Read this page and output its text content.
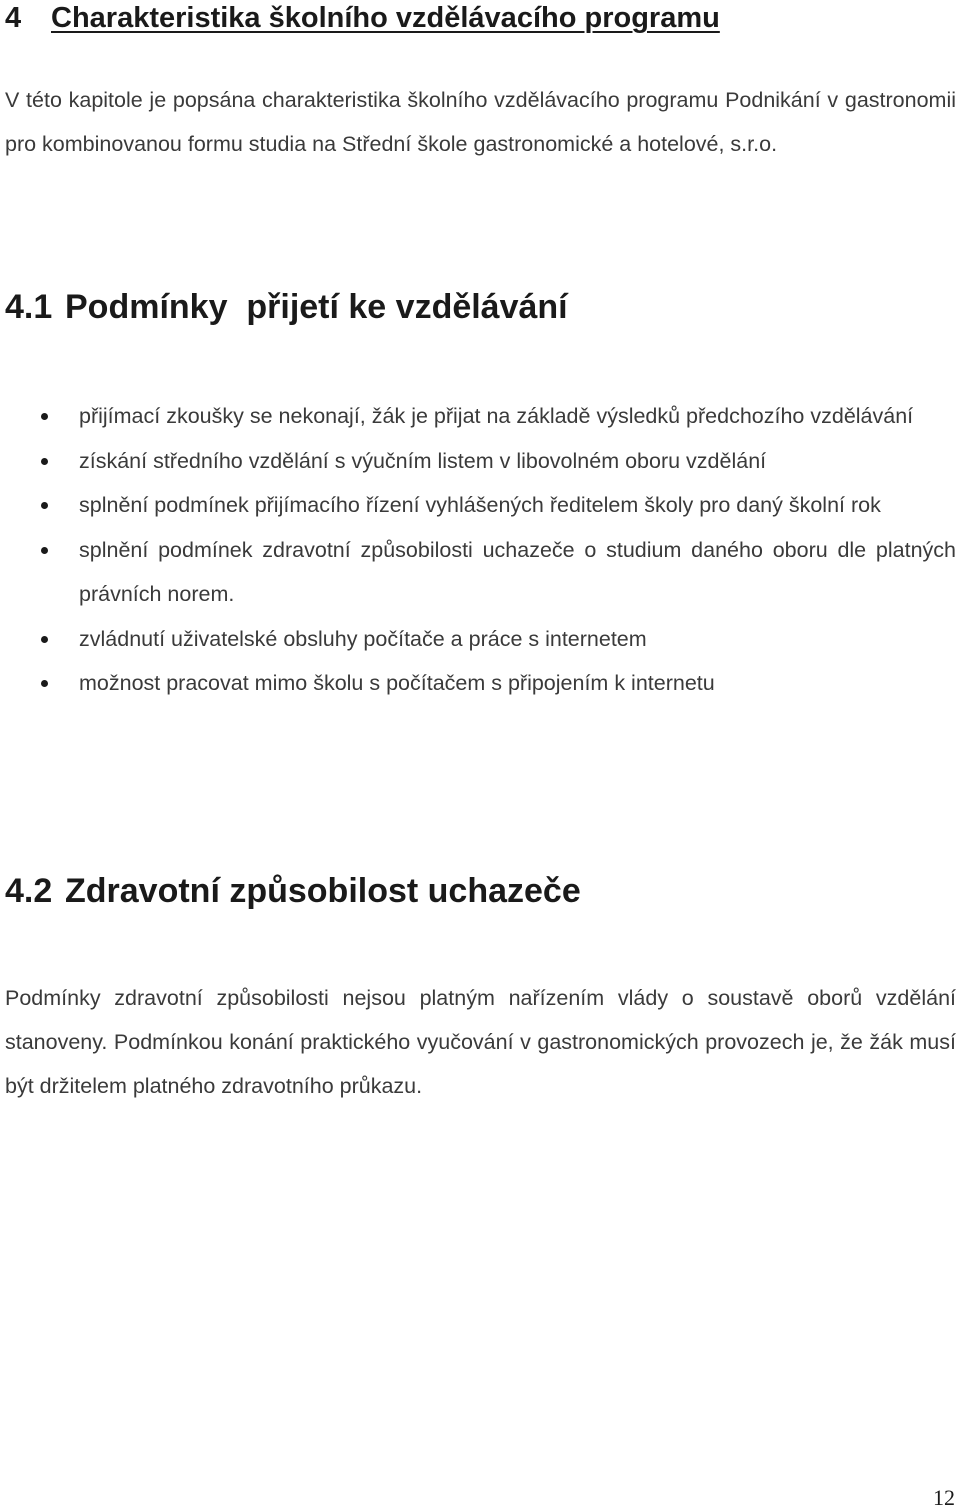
4 Charakteristika školního vzdělávacího programu

V této kapitole je popsána charakteristika školního vzdělávacího programu Podnikání v gastronomii pro kombinovanou formu studia na Střední škole gastronomické a hotelové, s.r.o.

4.1 Podmínky  přijetí ke vzdělávání
přijímací zkoušky se nekonají, žák je přijat na základě výsledků předchozího vzdělávání
získání středního vzdělání s výučním listem v libovolném oboru vzdělání
splnění podmínek přijímacího řízení vyhlášených ředitelem školy pro daný školní rok
splnění podmínek zdravotní způsobilosti uchazeče o studium daného oboru dle platných právních norem.
zvládnutí uživatelské obsluhy počítače a práce s internetem
možnost pracovat mimo školu s počítačem s připojením k internetu
4.2 Zdravotní způsobilost uchazeče

Podmínky zdravotní způsobilosti nejsou platným nařízením vlády o soustavě oborů vzdělání stanoveny. Podmínkou konání praktického vyučování v gastronomických provozech je, že žák musí být držitelem platného zdravotního průkazu.

12
